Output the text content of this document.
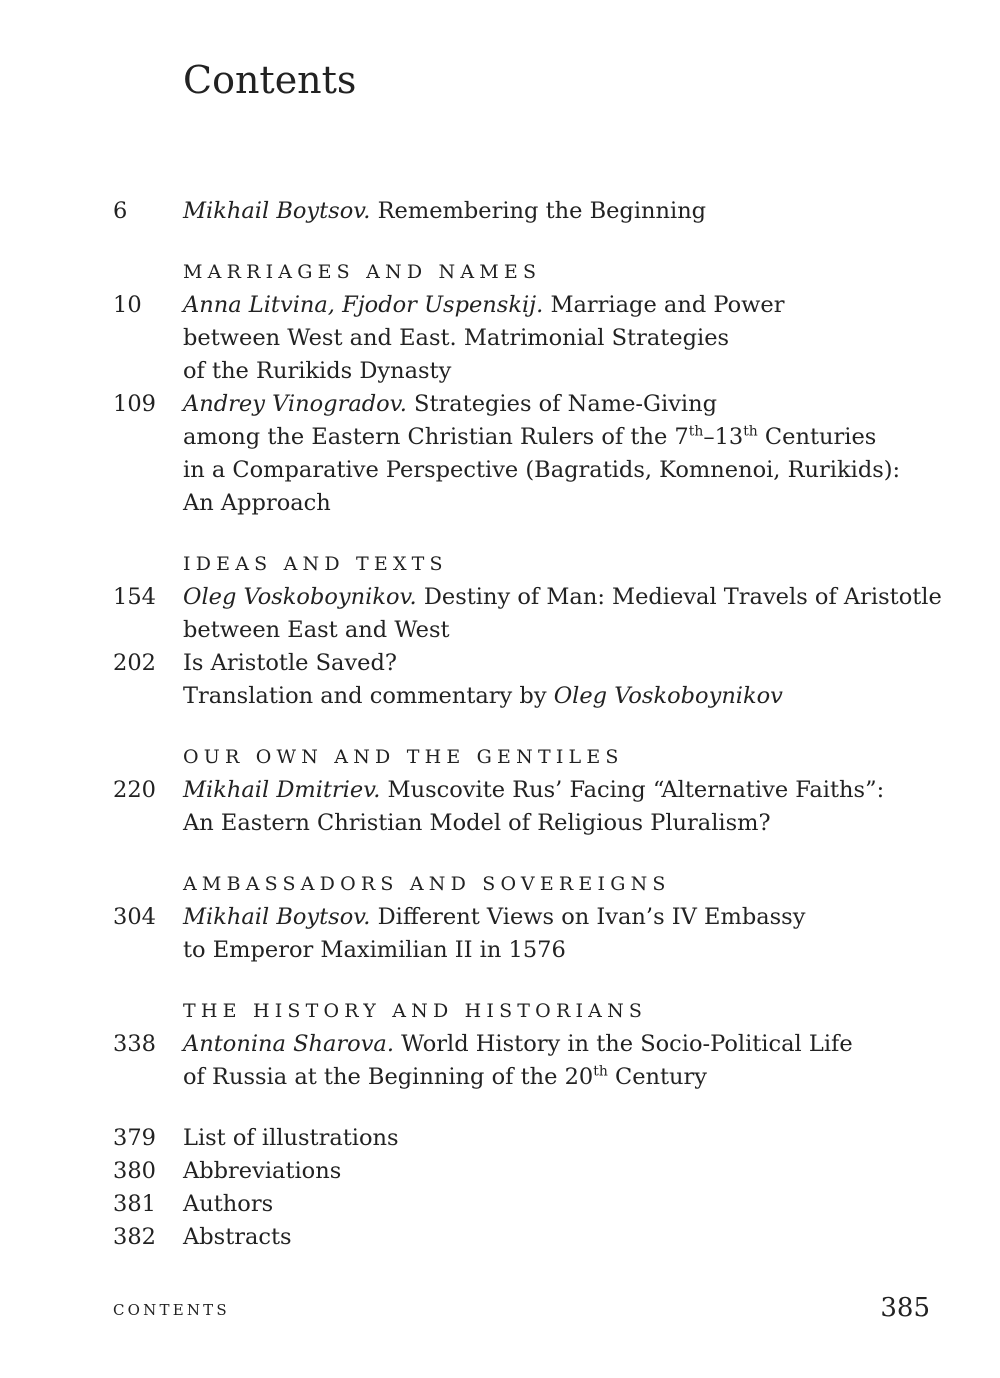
Contents
6 Mikhail Boytsov. Remembering the Beginning
MARRIAGES AND NAMES
10 Anna Litvina, Fjodor Uspenskij. Marriage and Power
between West and East. Matrimonial Strategies
of the Rurikids Dynasty
109 Andrey Vinogradov. Strategies of Name-Giving
among the Eastern Christian Rulers of the 7th–13th Centuries
in a Comparative Perspective (Bagratids, Komnenoi, Rurikids):
An Approach
IDEAS AND TEXTS
154 Oleg Voskoboynikov. Destiny of Man: Medieval Travels of Aristotle
between East and West
202 Is Aristotle Saved?
Translation and commentary by Oleg Voskoboynikov
OUR OWN AND THE GENTILES
220 Mikhail Dmitriev. Muscovite Rus’ Facing “Alternative Faiths”:
An Eastern Christian Model of Religious Pluralism?
AMBASSADORS AND SOVEREIGNS
304 Mikhail Boytsov. Different Views on Ivan’s IV Embassy
to Emperor Maximilian II in 1576
THE HISTORY AND HISTORIANS
338 Antonina Sharova. World History in the Socio-Political Life
of Russia at the Beginning of the 20th Century
379 List of illustrations
380 Abbreviations
381 Authors
382 Abstracts
CONTENTS	385
